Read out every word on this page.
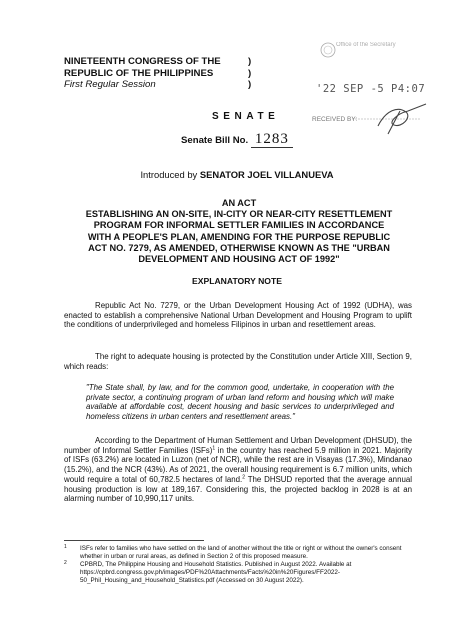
NINETEENTH CONGRESS OF THE
REPUBLIC OF THE PHILIPPINES
First Regular Session
)
)
)
Office of the Secretary
'22 SEP -5 P4:07
RECEIVED BY:
SENATE
Senate Bill No. 1283
Introduced by SENATOR JOEL VILLANUEVA
AN ACT
ESTABLISHING AN ON-SITE, IN-CITY OR NEAR-CITY RESETTLEMENT
PROGRAM FOR INFORMAL SETTLER FAMILIES IN ACCORDANCE
WITH A PEOPLE'S PLAN, AMENDING FOR THE PURPOSE REPUBLIC
ACT NO. 7279, AS AMENDED, OTHERWISE KNOWN AS THE "URBAN
DEVELOPMENT AND HOUSING ACT OF 1992"
EXPLANATORY NOTE
Republic Act No. 7279, or the Urban Development Housing Act of 1992 (UDHA), was enacted to establish a comprehensive National Urban Development and Housing Program to uplift the conditions of underprivileged and homeless Filipinos in urban and resettlement areas.
The right to adequate housing is protected by the Constitution under Article XIII, Section 9, which reads:
"The State shall, by law, and for the common good, undertake, in cooperation with the private sector, a continuing program of urban land reform and housing which will make available at affordable cost, decent housing and basic services to underprivileged and homeless citizens in urban centers and resettlement areas."
According to the Department of Human Settlement and Urban Development (DHSUD), the number of Informal Settler Families (ISFs)$^1$ in the country has reached 5.9 million in 2021. Majority of ISFs (63.2%) are located in Luzon (net of NCR), while the rest are in Visayas (17.3%), Mindanao (15.2%), and the NCR (43%). As of 2021, the overall housing requirement is 6.7 million units, which would require a total of 60,782.5 hectares of land.$^2$ The DHSUD reported that the average annual housing production is low at 189,167. Considering this, the projected backlog in 2028 is at an alarming number of 10,990,117 units.
1 ISFs refer to families who have settled on the land of another without the title or right or without the owner's consent whether in urban or rural areas, as defined in Section 2 of this proposed measure.
2 CPBRD, The Philippine Housing and Household Statistics. Published in August 2022. Available at https://cpbrd.congress.gov.ph/images/PDF%20Attachments/Facts%20in%20Figures/FF2022-50_Phil_Housing_and_Household_Statistics.pdf (Accessed on 30 August 2022).
